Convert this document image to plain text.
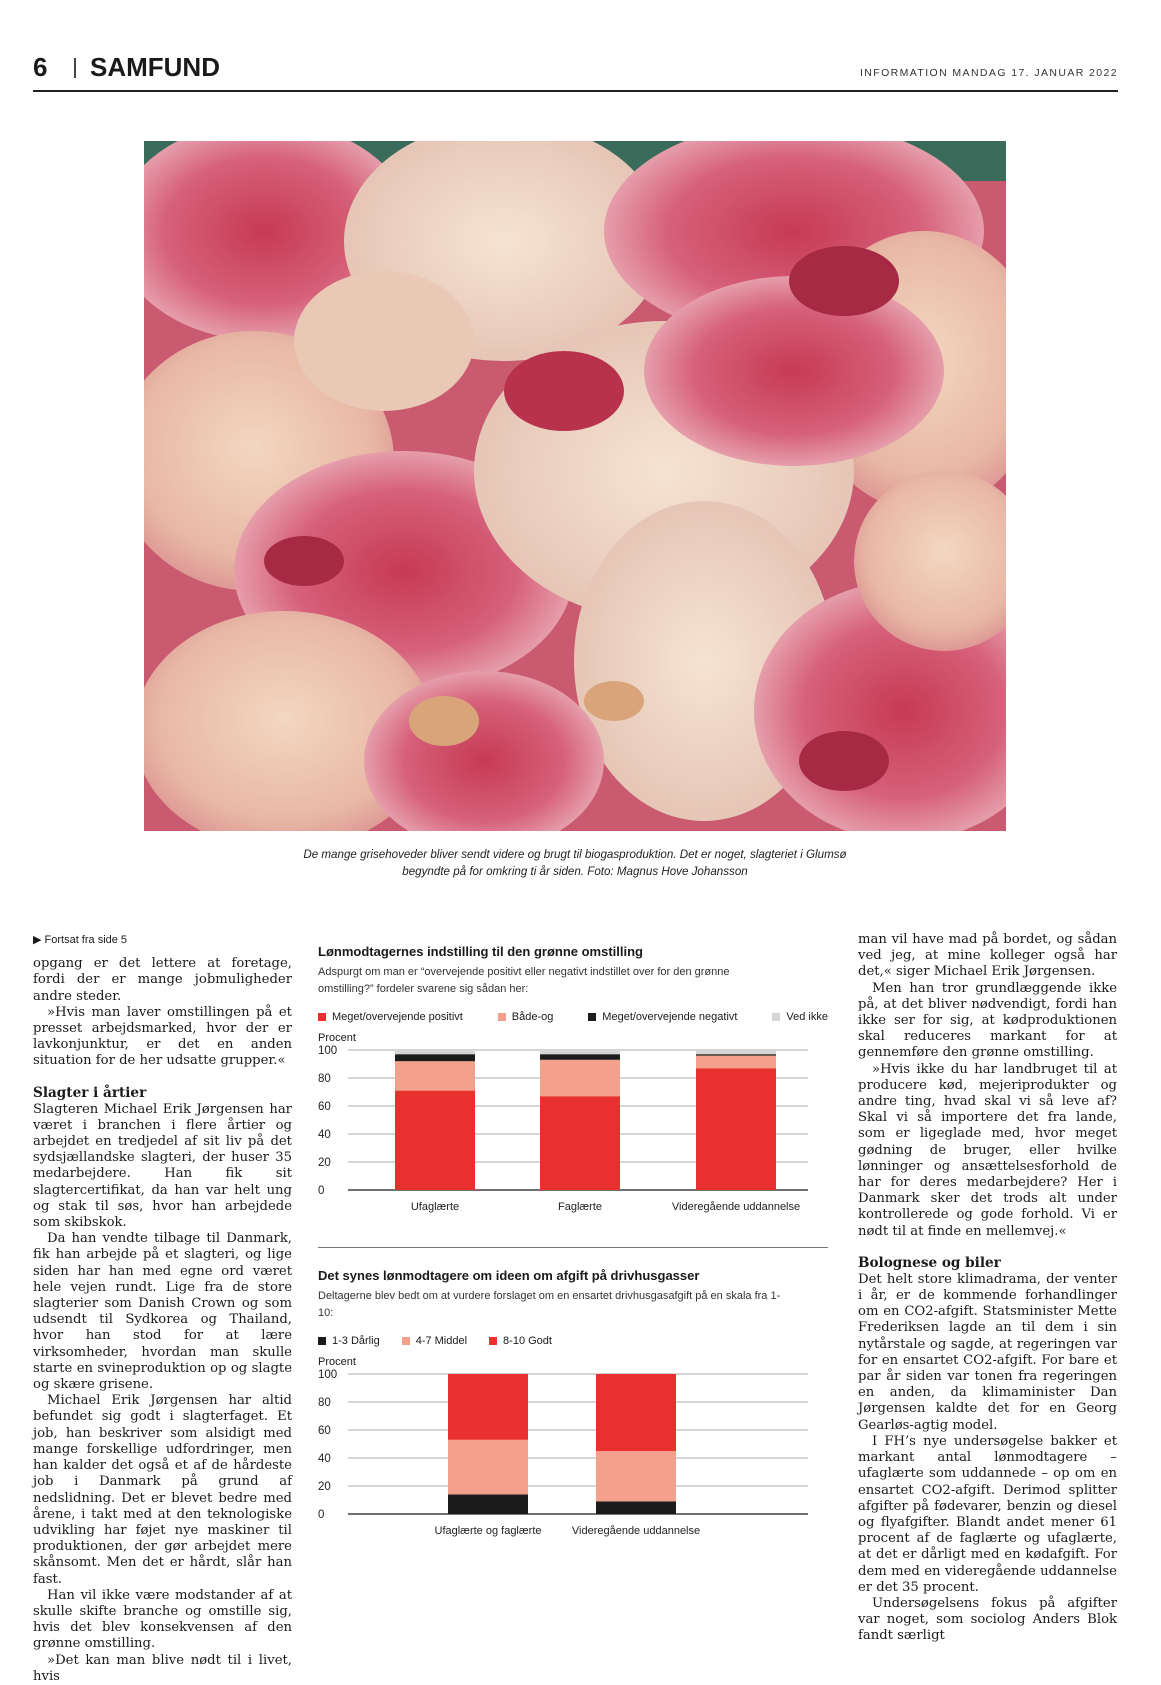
6 SAMFUND	INFORMATION MANDAG 17. JANUAR 2022
De mange grisehoveder bliver sendt videre og brugt til biogasproduktion. Det er noget, slagteriet i Glumsø
begyndte på for omkring ti år siden. Foto: Magnus Hove Johansson
▶ Fortsat fra side 5

opgang er det lettere at foretage, fordi der er mange jobmuligheder andre steder.

»Hvis man laver omstillingen på et presset arbejdsmarked, hvor der er lavkonjunktur, er det en anden situation for de her udsatte grupper.«

Slagter i årtier

Slagteren Michael Erik Jørgensen har været i branchen i flere årtier og arbejdet en tredjedel af sit liv på det sydsjællandske slagteri, der huser 35 medarbejdere. Han fik sit slagtercertifikat, da han var helt ung og stak til søs, hvor han arbejdede som skibskok.

Da han vendte tilbage til Danmark, fik han arbejde på et slagteri, og lige siden har han med egne ord været hele vejen rundt. Lige fra de store slagterier som Danish Crown og som udsendt til Sydkorea og Thailand, hvor han stod for at lære virksomheder, hvordan man skulle starte en svineproduktion op og slagte og skære grisene.

Michael Erik Jørgensen har altid befundet sig godt i slagterfaget. Et job, han beskriver som alsidigt med mange forskellige udfordringer, men han kalder det også et af de hårdeste job i Danmark på grund af nedslidning. Det er blevet bedre med årene, i takt med at den teknologiske udvikling har føjet nye maskiner til produktionen, der gør arbejdet mere skånsomt. Men det er hårdt, slår han fast.

Han vil ikke være modstander af at skulle skifte branche og omstille sig, hvis det blev konsekvensen af den grønne omstilling.

»Det kan man blive nødt til i livet, hvis

Lønmodtagernes indstilling til den grønne omstilling
Adspurgt om man er “overvejende positivt eller negativt indstillet over for den grønne omstilling?” fordeler svarene sig sådan her:
Meget/overvejende positivt	Både-og	Meget/overvejende negativt	Ved ikke
Procent
0
20
40
60
80
100
Ufaglærte	Faglærte	Videregående uddannelse
Det synes lønmodtagere om ideen om afgift på drivhusgasser
Deltagerne blev bedt om at vurdere forslaget om en ensartet drivhusgasafgift på en skala fra 1-10:
1-3 Dårlig	4-7 Middel	8-10 Godt
Procent
0
20
40
60
80
100
Ufaglærte og faglærte	Videregående uddannelse

man vil have mad på bordet, og sådan ved jeg, at mine kolleger også har det,« siger Michael Erik Jørgensen.

Men han tror grundlæggende ikke på, at det bliver nødvendigt, fordi han ikke ser for sig, at kødproduktionen skal reduceres markant for at gennemføre den grønne omstilling.

»Hvis ikke du har landbruget til at producere kød, mejeriprodukter og andre ting, hvad skal vi så leve af? Skal vi så importere det fra lande, som er ligeglade med, hvor meget gødning de bruger, eller hvilke lønninger og ansættelsesforhold de har for deres medarbejdere? Her i Danmark sker det trods alt under kontrollerede og gode forhold. Vi er nødt til at finde en mellemvej.«

Bolognese og biler

Det helt store klimadrama, der venter i år, er de kommende forhandlinger om en CO2-afgift. Statsminister Mette Frederiksen lagde an til dem i sin nytårstale og sagde, at regeringen var for en ensartet CO2-afgift. For bare et par år siden var tonen fra regeringen en anden, da klimaminister Dan Jørgensen kaldte det for en Georg Gearløs-agtig model.

I FH’s nye undersøgelse bakker et markant antal lønmodtagere – ufaglærte som uddannede – op om en ensartet CO2-afgift. Derimod splitter afgifter på fødevarer, benzin og diesel og flyafgifter. Blandt andet mener 61 procent af de faglærte og ufaglærte, at det er dårligt med en kødafgift. For dem med en videregående uddannelse er det 35 procent.

Undersøgelsens fokus på afgifter var noget, som sociolog Anders Blok fandt særligt
